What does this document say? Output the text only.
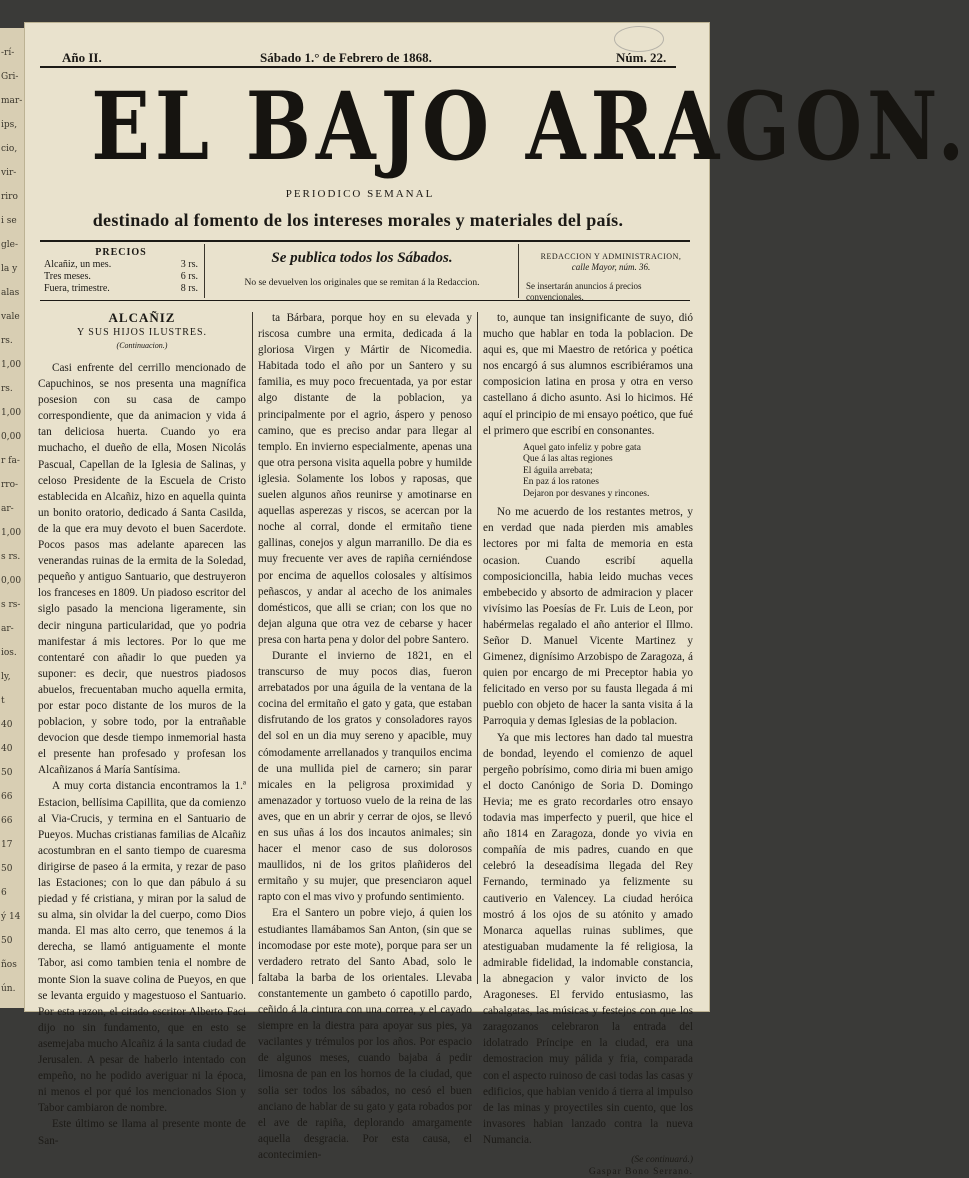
-rí-
Gri-
mar-
ips,
cio,
vir-
riro
i se
gle-
la y
alas
vale
rs.
1,00
rs.
1,00
0,00
r fa-
rro-
ar-
1,00
s rs.
0,00
s rs-
ar-
ios.
ly,
t
40
40
50
66
66
17
50
6
ý 14
50
ños
ún.
Año II.	Sábado 1.° de Febrero de 1868.	Núm. 22.
EL BAJO ARAGON.
PERIODICO SEMANAL
destinado al fomento de los intereses morales y materiales del país.
PRECIOS
Alcañiz, un mes.	3 rs.
Tres meses.	6 rs.
Fuera, trimestre.	8 rs.
Se publica todos los Sábados.
No se devuelven los originales que se remitan á la Redaccion.
REDACCION Y ADMINISTRACION,
calle Mayor, núm. 36.
Se insertarán anuncios á precios convencionales.
ALCAÑIZ
Y SUS HIJOS ILUSTRES.
(Continuacion.)

Casi enfrente del cerrillo mencionado de Capuchinos, se nos presenta una magnífica posesion con su casa de campo correspondiente, que da animacion y vida á tan deliciosa huerta. Cuando yo era muchacho, el dueño de ella, Mosen Nicolás Pascual, Capellan de la Iglesia de Salinas, y celoso Presidente de la Escuela de Cristo establecida en Alcañiz, hizo en aquella quinta un bonito oratorio, dedicado á Santa Casilda, de la que era muy devoto el buen Sacerdote. Pocos pasos mas adelante aparecen las venerandas ruinas de la ermita de la Soledad, pequeño y antiguo Santuario, que destruyeron los franceses en 1809. Un piadoso escritor del siglo pasado la menciona ligeramente, sin decir ninguna particularidad, que yo podria manifestar á mis lectores. Por lo que me contentaré con añadir lo que pueden ya suponer: es decir, que nuestros piadosos abuelos, frecuentaban mucho aquella ermita, por estar poco distante de los muros de la poblacion, y sobre todo, por la entrañable devocion que desde tiempo inmemorial hasta el presente han profesado y profesan los Alcañizanos á María Santísima.

A muy corta distancia encontramos la 1.ª Estacion, bellísima Capillita, que da comienzo al Via-Crucis, y termina en el Santuario de Pueyos. Muchas cristianas familias de Alcañiz acostumbran en el santo tiempo de cuaresma dirigirse de paseo á la ermita, y rezar de paso las Estaciones; con lo que dan pábulo á su piedad y fé cristiana, y miran por la salud de su alma, sin olvidar la del cuerpo, como Dios manda. El mas alto cerro, que tenemos á la derecha, se llamó antiguamente el monte Tabor, asi como tambien tenia el nombre de monte Sion la suave colina de Pueyos, en que se levanta erguido y magestuoso el Santuario. Por esta razon, el citado escritor Alberto Faci dijo no sin fundamento, que en esto se asemejaba mucho Alcañiz á la santa ciudad de Jerusalen. A pesar de haberlo intentado con empeño, no he podido averiguar ni la época, ni menos el por qué los mencionados Sion y Tabor cambiaron de nombre.

Este último se llama al presente monte de San-

ta Bárbara, porque hoy en su elevada y riscosa cumbre una ermita, dedicada á la gloriosa Virgen y Mártir de Nicomedia. Habitada todo el año por un Santero y su familia, es muy poco frecuentada, ya por estar algo distante de la poblacion, ya principalmente por el agrio, áspero y penoso camino, que es preciso andar para llegar al templo. En invierno especialmente, apenas una que otra persona visita aquella pobre y humilde iglesia. Solamente los lobos y raposas, que suelen algunos años reunirse y amotinarse en aquellas asperezas y riscos, se acercan por la noche al corral, donde el ermitaño tiene gallinas, conejos y algun marranillo. De dia es muy frecuente ver aves de rapiña cerniéndose por encima de aquellos colosales y altísimos peñascos, y andar al acecho de los animales domésticos, que alli se crian; con los que no dejan alguna que otra vez de cebarse y hacer presa con harta pena y dolor del pobre Santero.

Durante el invierno de 1821, en el transcurso de muy pocos dias, fueron arrebatados por una águila de la ventana de la cocina del ermitaño el gato y gata, que estaban disfrutando de los gratos y consoladores rayos del sol en un dia muy sereno y apacible, muy cómodamente arrellanados y tranquilos encima de una mullida piel de carnero; sin parar micales en la peligrosa proximidad y amenazador y tortuoso vuelo de la reina de las aves, que en un abrir y cerrar de ojos, se llevó en sus uñas á los dos incautos animales; sin hacer el menor caso de sus dolorosos maullidos, ni de los gritos plañideros del ermitaño y su mujer, que presenciaron aquel rapto con el mas vivo y profundo sentimiento.

Era el Santero un pobre viejo, á quien los estudiantes llamábamos San Anton, (sin que se incomodase por este mote), porque para ser un verdadero retrato del Santo Abad, solo le faltaba la barba de los orientales. Llevaba constantemente un gambeto ó capotillo pardo, ceñido á la cintura con una correa, y el cayado siempre en la diestra para apoyar sus pies, ya vacilantes y trémulos por los años. Por espacio de algunos meses, cuando bajaba á pedir limosna de pan en los hornos de la ciudad, que solia ser todos los sábados, no cesó el buen anciano de hablar de su gato y gata robados por el ave de rapiña, deplorando amargamente aquella desgracia. Por esta causa, el acontecimien-

to, aunque tan insignificante de suyo, dió mucho que hablar en toda la poblacion. De aqui es, que mi Maestro de retórica y poética nos encargó á sus alumnos escribiéramos una composicion latina en prosa y otra en verso castellano á dicho asunto. Asi lo hicimos. Hé aquí el principio de mi ensayo poético, que fué el primero que escribí en consonantes.

Aquel gato infeliz y pobre gata
Que á las altas regiones
El águila arrebata;
En paz á los ratones
Dejaron por desvanes y rincones.

No me acuerdo de los restantes metros, y en verdad que nada pierden mis amables lectores por mi falta de memoria en esta ocasion. Cuando escribí aquella composicioncilla, habia leido muchas veces embebecido y absorto de admiracion y placer vivísimo las Poesías de Fr. Luis de Leon, por habérmelas regalado el año anterior el Illmo. Señor D. Manuel Vicente Martinez y Gimenez, dignísimo Arzobispo de Zaragoza, á quien por encargo de mi Preceptor habia yo felicitado en verso por su fausta llegada á mi pueblo con objeto de hacer la santa visita á la Parroquia y demas Iglesias de la poblacion.

Ya que mis lectores han dado tal muestra de bondad, leyendo el comienzo de aquel pergeño pobrísimo, como diria mi buen amigo el docto Canónigo de Soria D. Domingo Hevia; me es grato recordarles otro ensayo todavia mas imperfecto y pueril, que hice el año 1814 en Zaragoza, donde yo vivia en compañía de mis padres, cuando en que celebró la deseadísima llegada del Rey Fernando, terminado ya felizmente su cautiverio en Valencey. La ciudad heróica mostró á los ojos de su atónito y amado Monarca aquellas ruinas sublimes, que atestiguaban mudamente la fé religiosa, la admirable fidelidad, la indomable constancia, la abnegacion y valor invicto de los Aragoneses. El fervido entusiasmo, las cabalgatas, las músicas y festejos con que los zaragozanos celebraron la entrada del idolatrado Príncipe en la ciudad, era una demostracion muy pálida y fria, comparada con el aspecto ruinoso de casi todas las casas y edificios, que habian venido á tierra al impulso de las minas y proyectiles sin cuento, que los invasores habian lanzado contra la nueva Numancia.

(Se continuará.)
Gaspar Bono Serrano.
